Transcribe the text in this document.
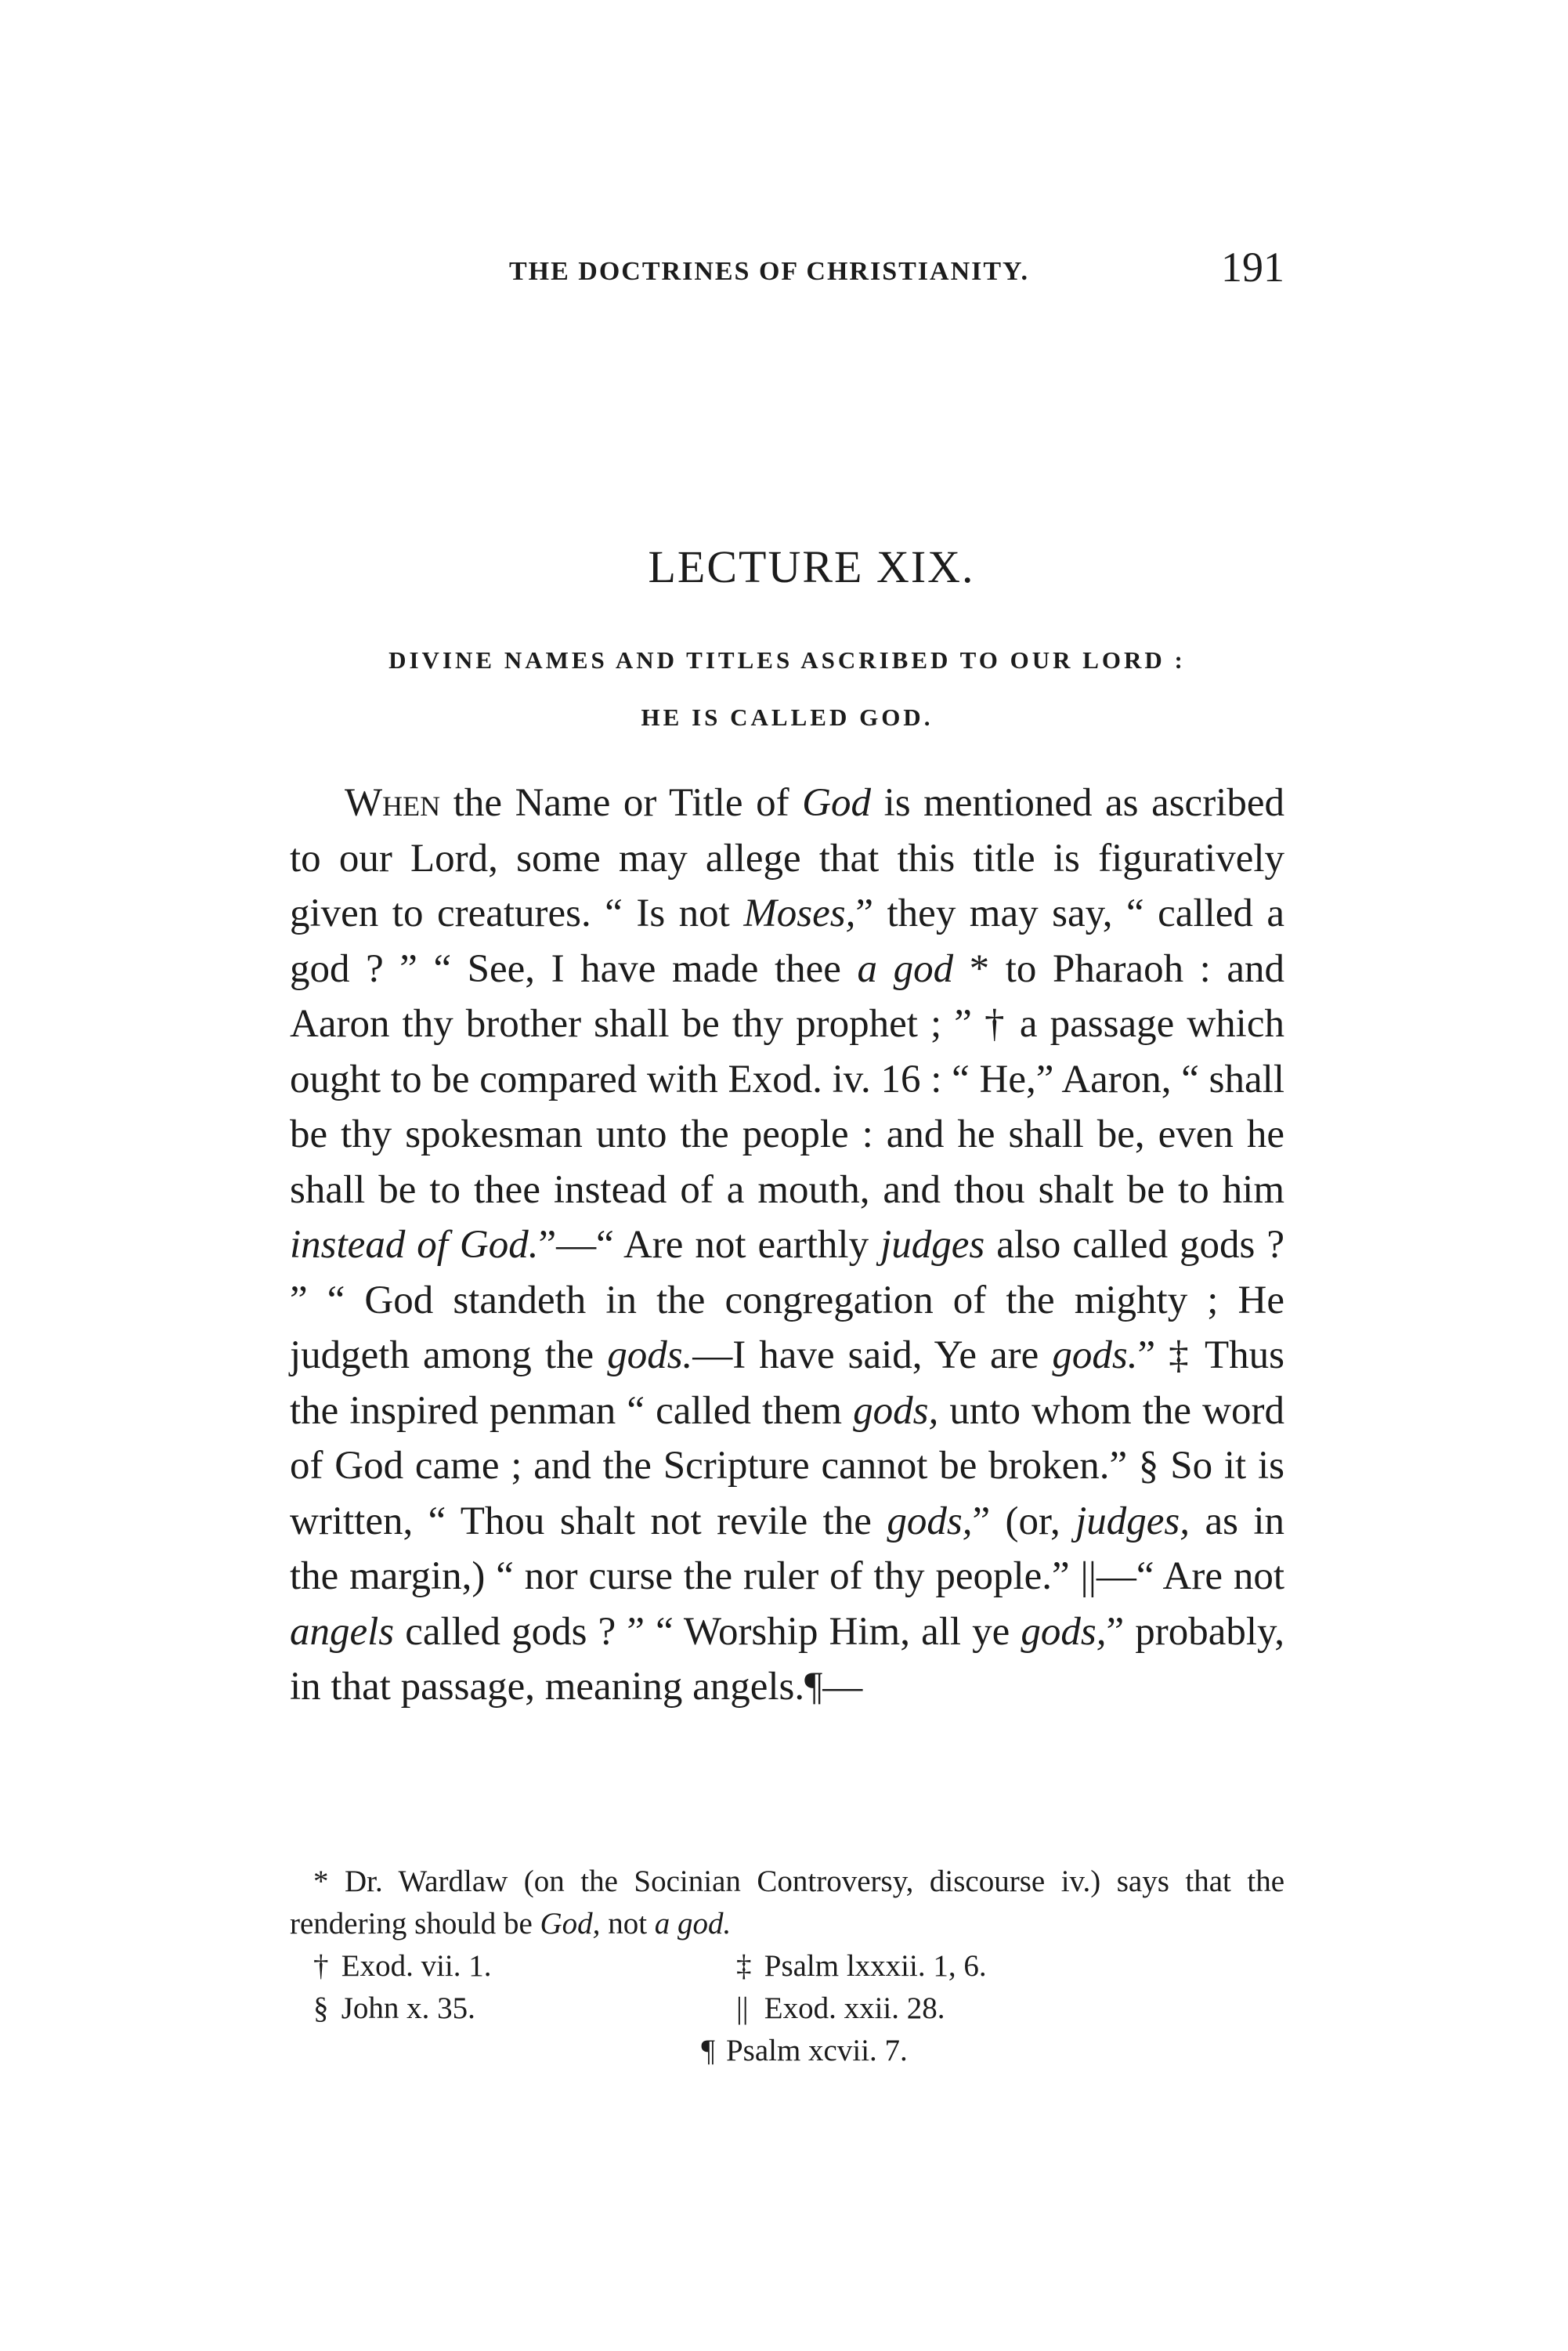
THE DOCTRINES OF CHRISTIANITY.	191
LECTURE XIX.
DIVINE NAMES AND TITLES ASCRIBED TO OUR LORD :
HE IS CALLED GOD.

When the Name or Title of God is mentioned as ascribed to our Lord, some may allege that this title is figuratively given to creatures. “ Is not Moses,” they may say, “ called a god ? ” “ See, I have made thee a god * to Pharaoh : and Aaron thy brother shall be thy prophet ; ” † a passage which ought to be compared with Exod. iv. 16 : “ He,” Aaron, “ shall be thy spokesman unto the people : and he shall be, even he shall be to thee instead of a mouth, and thou shalt be to him instead of God.”—“ Are not earthly judges also called gods ? ” “ God standeth in the congregation of the mighty ; He judgeth among the gods.—I have said, Ye are gods.” ‡ Thus the inspired penman “ called them gods, unto whom the word of God came ; and the Scripture cannot be broken.” § So it is written, “ Thou shalt not revile the gods,” (or, judges, as in the margin,) “ nor curse the ruler of thy people.” ||—“ Are not angels called gods ? ” “ Worship Him, all ye gods,” probably, in that passage, meaning angels.¶—

* Dr. Wardlaw (on the Socinian Controversy, discourse iv.) says that the rendering should be God, not a god.

† Exod. vii. 1.	‡ Psalm lxxxii. 1, 6.
§ John x. 35.	|| Exod. xxii. 28.
¶ Psalm xcvii. 7.
